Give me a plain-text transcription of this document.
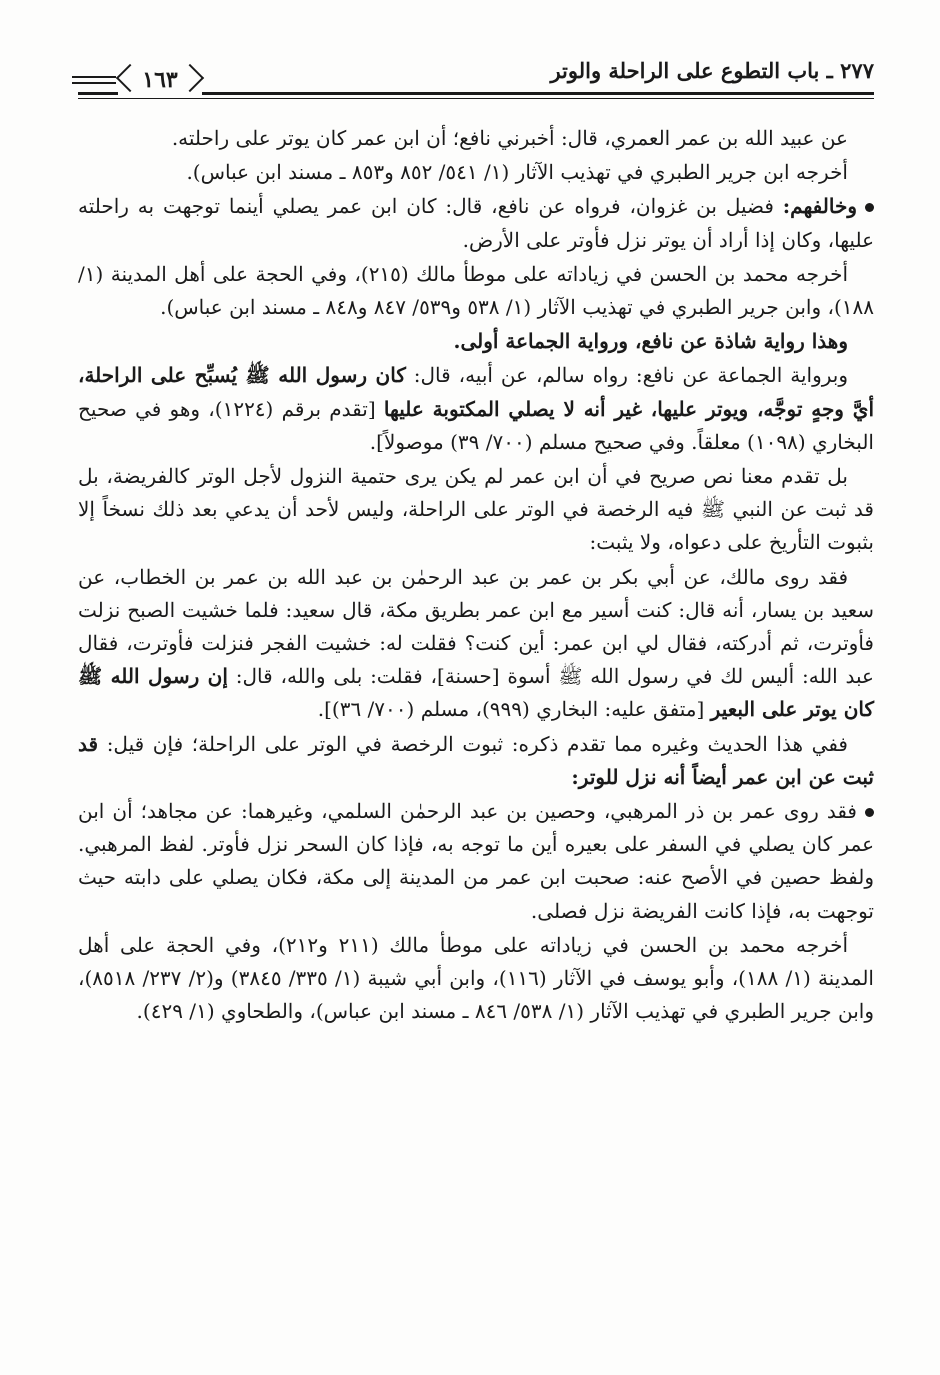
٢٧٧ ـ باب التطوع على الراحلة والوتر
١٦٣

عن عبيد الله بن عمر العمري، قال: أخبرني نافع؛ أن ابن عمر كان يوتر على راحلته.

أخرجه ابن جرير الطبري في تهذيب الآثار (١/ ٥٤١/ ٨٥٢ و٨٥٣ ـ مسند ابن عباس).

وخالفهم: فضيل بن غزوان، فرواه عن نافع، قال: كان ابن عمر يصلي أينما توجهت به راحلته عليها، وكان إذا أراد أن يوتر نزل فأوتر على الأرض.

أخرجه محمد بن الحسن في زياداته على موطأ مالك (٢١٥)، وفي الحجة على أهل المدينة (١/ ١٨٨)، وابن جرير الطبري في تهذيب الآثار (١/ ٥٣٨ و٥٣٩/ ٨٤٧ و٨٤٨ ـ مسند ابن عباس).

وهذا رواية شاذة عن نافع، ورواية الجماعة أولى.

وبرواية الجماعة عن نافع: رواه سالم، عن أبيه، قال: كان رسول الله ﷺ يُسبِّح على الراحلة، أيَّ وجهٍ توجَّه، ويوتر عليها، غير أنه لا يصلي المكتوبة عليها [تقدم برقم (١٢٢٤)، وهو في صحيح البخاري (١٠٩٨) معلقاً. وفي صحيح مسلم (٧٠٠/ ٣٩) موصولاً].

بل تقدم معنا نص صريح في أن ابن عمر لم يكن يرى حتمية النزول لأجل الوتر كالفريضة، بل قد ثبت عن النبي ﷺ فيه الرخصة في الوتر على الراحلة، وليس لأحد أن يدعي بعد ذلك نسخاً إلا بثبوت التأريخ على دعواه، ولا يثبت:

فقد روى مالك، عن أبي بكر بن عمر بن عبد الرحمٰن بن عبد الله بن عمر بن الخطاب، عن سعيد بن يسار، أنه قال: كنت أسير مع ابن عمر بطريق مكة، قال سعيد: فلما خشيت الصبح نزلت فأوترت، ثم أدركته، فقال لي ابن عمر: أين كنت؟ فقلت له: خشيت الفجر فنزلت فأوترت، فقال عبد الله: أليس لك في رسول الله ﷺ أسوة [حسنة]، فقلت: بلى والله، قال: إن رسول الله ﷺ كان يوتر على البعير [متفق عليه: البخاري (٩٩٩)، مسلم (٧٠٠/ ٣٦)].

ففي هذا الحديث وغيره مما تقدم ذكره: ثبوت الرخصة في الوتر على الراحلة؛ فإن قيل: قد ثبت عن ابن عمر أيضاً أنه نزل للوتر:

فقد روى عمر بن ذر المرهبي، وحصين بن عبد الرحمٰن السلمي، وغيرهما: عن مجاهد؛ أن ابن عمر كان يصلي في السفر على بعيره أين ما توجه به، فإذا كان السحر نزل فأوتر. لفظ المرهبي. ولفظ حصين في الأصح عنه: صحبت ابن عمر من المدينة إلى مكة، فكان يصلي على دابته حيث توجهت به، فإذا كانت الفريضة نزل فصلى.

أخرجه محمد بن الحسن في زياداته على موطأ مالك (٢١١ و٢١٢)، وفي الحجة على أهل المدينة (١/ ١٨٨)، وأبو يوسف في الآثار (١١٦)، وابن أبي شيبة (١/ ٣٣٥/ ٣٨٤٥) و(٢/ ٢٣٧/ ٨٥١٨)، وابن جرير الطبري في تهذيب الآثار (١/ ٥٣٨/ ٨٤٦ ـ مسند ابن عباس)، والطحاوي (١/ ٤٢٩).
